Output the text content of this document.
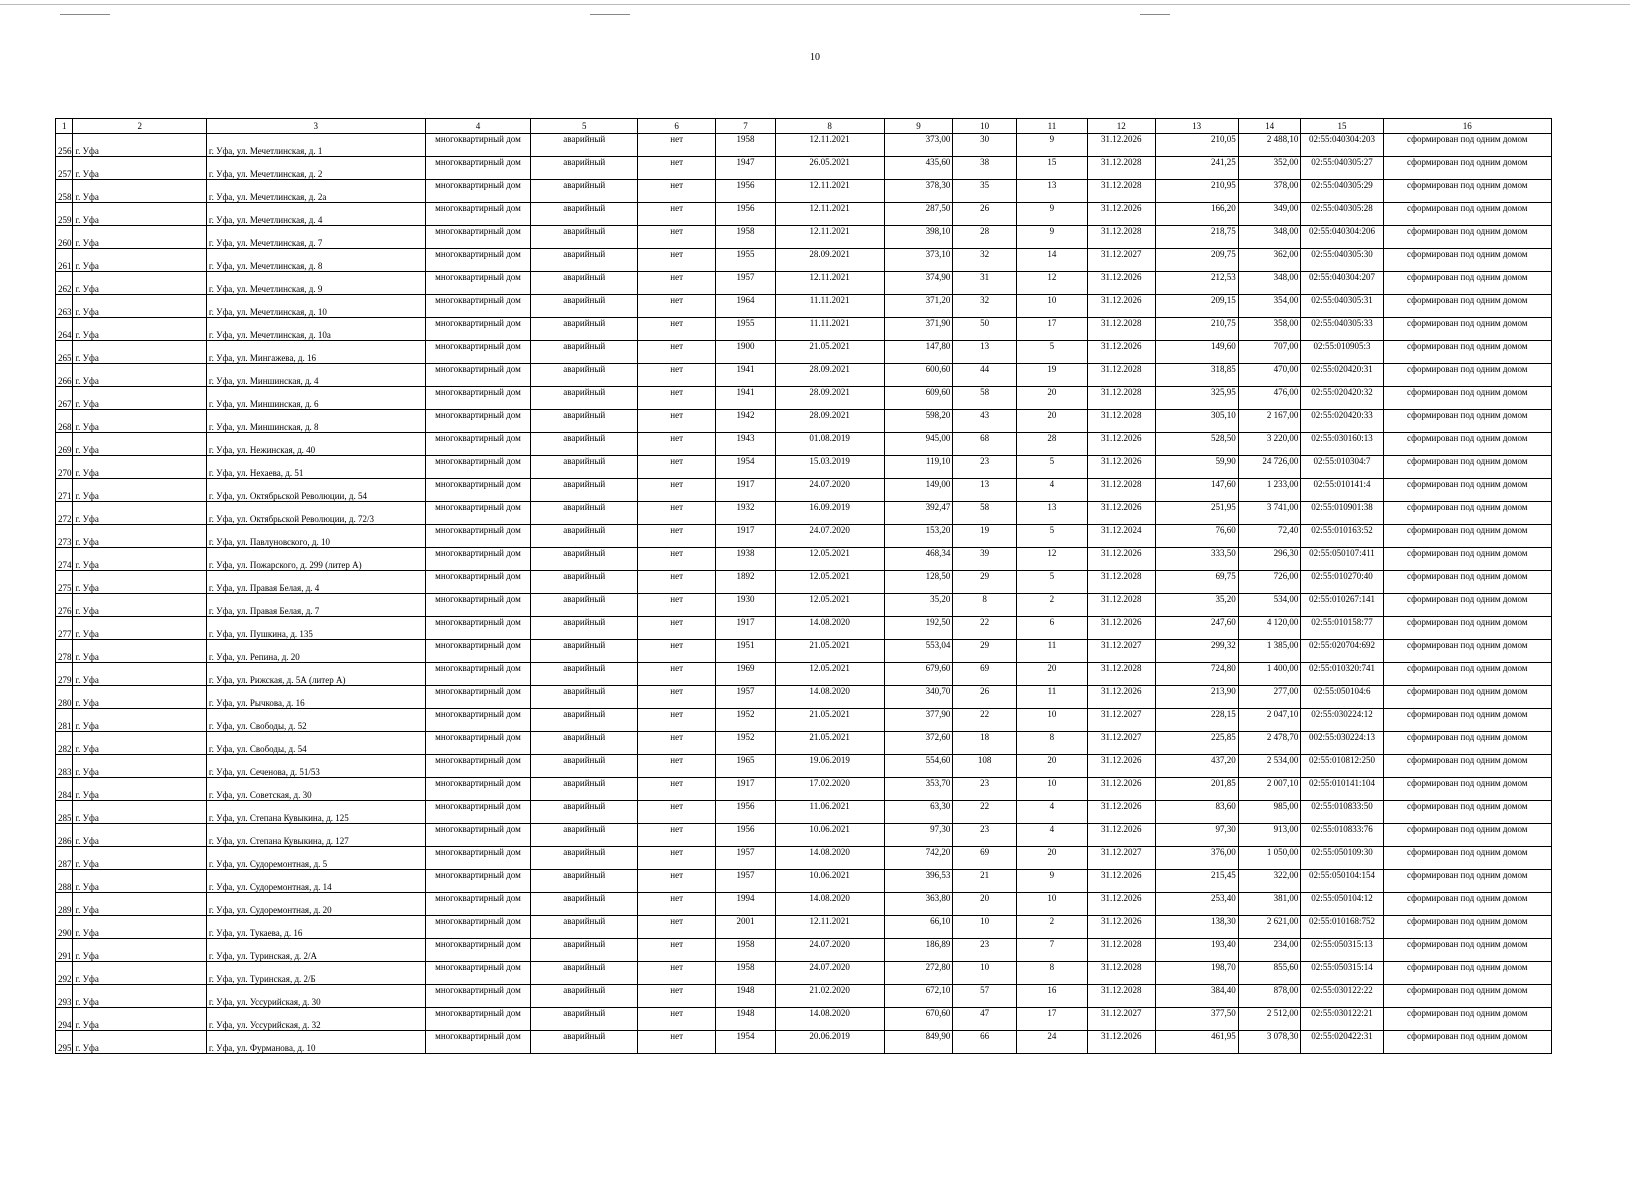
10
1	2	3	4	5	6	7	8	9	10	11	12	13	14	15	16
256	г. Уфа	г. Уфа, ул. Мечетлинская, д. 1	многоквартирный дом	аварийный	нет	1958	12.11.2021	373,00	30	9	31.12.2026	210,05	2 488,10	02:55:040304:203	сформирован под одним домом
257	г. Уфа	г. Уфа, ул. Мечетлинская, д. 2	многоквартирный дом	аварийный	нет	1947	26.05.2021	435,60	38	15	31.12.2028	241,25	352,00	02:55:040305:27	сформирован под одним домом
258	г. Уфа	г. Уфа, ул. Мечетлинская, д. 2а	многоквартирный дом	аварийный	нет	1956	12.11.2021	378,30	35	13	31.12.2028	210,95	378,00	02:55:040305:29	сформирован под одним домом
259	г. Уфа	г. Уфа, ул. Мечетлинская, д. 4	многоквартирный дом	аварийный	нет	1956	12.11.2021	287,50	26	9	31.12.2026	166,20	349,00	02:55:040305:28	сформирован под одним домом
260	г. Уфа	г. Уфа, ул. Мечетлинская, д. 7	многоквартирный дом	аварийный	нет	1958	12.11.2021	398,10	28	9	31.12.2028	218,75	348,00	02:55:040304:206	сформирован под одним домом
261	г. Уфа	г. Уфа, ул. Мечетлинская, д. 8	многоквартирный дом	аварийный	нет	1955	28.09.2021	373,10	32	14	31.12.2027	209,75	362,00	02:55:040305:30	сформирован под одним домом
262	г. Уфа	г. Уфа, ул. Мечетлинская, д. 9	многоквартирный дом	аварийный	нет	1957	12.11.2021	374,90	31	12	31.12.2026	212,53	348,00	02:55:040304:207	сформирован под одним домом
263	г. Уфа	г. Уфа, ул. Мечетлинская, д. 10	многоквартирный дом	аварийный	нет	1964	11.11.2021	371,20	32	10	31.12.2026	209,15	354,00	02:55:040305:31	сформирован под одним домом
264	г. Уфа	г. Уфа, ул. Мечетлинская, д. 10а	многоквартирный дом	аварийный	нет	1955	11.11.2021	371,90	50	17	31.12.2028	210,75	358,00	02:55:040305:33	сформирован под одним домом
265	г. Уфа	г. Уфа, ул. Мингажева, д. 16	многоквартирный дом	аварийный	нет	1900	21.05.2021	147,80	13	5	31.12.2026	149,60	707,00	02:55:010905:3	сформирован под одним домом
266	г. Уфа	г. Уфа, ул. Миншинская, д. 4	многоквартирный дом	аварийный	нет	1941	28.09.2021	600,60	44	19	31.12.2028	318,85	470,00	02:55:020420:31	сформирован под одним домом
267	г. Уфа	г. Уфа, ул. Миншинская, д. 6	многоквартирный дом	аварийный	нет	1941	28.09.2021	609,60	58	20	31.12.2028	325,95	476,00	02:55:020420:32	сформирован под одним домом
268	г. Уфа	г. Уфа, ул. Миншинская, д. 8	многоквартирный дом	аварийный	нет	1942	28.09.2021	598,20	43	20	31.12.2028	305,10	2 167,00	02:55:020420:33	сформирован под одним домом
269	г. Уфа	г. Уфа, ул. Нежинская, д. 40	многоквартирный дом	аварийный	нет	1943	01.08.2019	945,00	68	28	31.12.2026	528,50	3 220,00	02:55:030160:13	сформирован под одним домом
270	г. Уфа	г. Уфа, ул. Нехаева, д. 51	многоквартирный дом	аварийный	нет	1954	15.03.2019	119,10	23	5	31.12.2026	59,90	24 726,00	02:55:010304:7	сформирован под одним домом
271	г. Уфа	г. Уфа, ул. Октябрьской Революции, д. 54	многоквартирный дом	аварийный	нет	1917	24.07.2020	149,00	13	4	31.12.2028	147,60	1 233,00	02:55:010141:4	сформирован под одним домом
272	г. Уфа	г. Уфа, ул. Октябрьской Революции, д. 72/3	многоквартирный дом	аварийный	нет	1932	16.09.2019	392,47	58	13	31.12.2026	251,95	3 741,00	02:55:010901:38	сформирован под одним домом
273	г. Уфа	г. Уфа, ул. Павлуновского, д. 10	многоквартирный дом	аварийный	нет	1917	24.07.2020	153,20	19	5	31.12.2024	76,60	72,40	02:55:010163:52	сформирован под одним домом
274	г. Уфа	г. Уфа, ул. Пожарского, д. 299 (литер А)	многоквартирный дом	аварийный	нет	1938	12.05.2021	468,34	39	12	31.12.2026	333,50	296,30	02:55:050107:411	сформирован под одним домом
275	г. Уфа	г. Уфа, ул. Правая Белая, д. 4	многоквартирный дом	аварийный	нет	1892	12.05.2021	128,50	29	5	31.12.2028	69,75	726,00	02:55:010270:40	сформирован под одним домом
276	г. Уфа	г. Уфа, ул. Правая Белая, д. 7	многоквартирный дом	аварийный	нет	1930	12.05.2021	35,20	8	2	31.12.2028	35,20	534,00	02:55:010267:141	сформирован под одним домом
277	г. Уфа	г. Уфа, ул. Пушкина, д. 135	многоквартирный дом	аварийный	нет	1917	14.08.2020	192,50	22	6	31.12.2026	247,60	4 120,00	02:55:010158:77	сформирован под одним домом
278	г. Уфа	г. Уфа, ул. Репина, д. 20	многоквартирный дом	аварийный	нет	1951	21.05.2021	553,04	29	11	31.12.2027	299,32	1 385,00	02:55:020704:692	сформирован под одним домом
279	г. Уфа	г. Уфа, ул. Рижская, д. 5А (литер А)	многоквартирный дом	аварийный	нет	1969	12.05.2021	679,60	69	20	31.12.2028	724,80	1 400,00	02:55:010320:741	сформирован под одним домом
280	г. Уфа	г. Уфа, ул. Рычкова, д. 16	многоквартирный дом	аварийный	нет	1957	14.08.2020	340,70	26	11	31.12.2026	213,90	277,00	02:55:050104:6	сформирован под одним домом
281	г. Уфа	г. Уфа, ул. Свободы, д. 52	многоквартирный дом	аварийный	нет	1952	21.05.2021	377,90	22	10	31.12.2027	228,15	2 047,10	02:55:030224:12	сформирован под одним домом
282	г. Уфа	г. Уфа, ул. Свободы, д. 54	многоквартирный дом	аварийный	нет	1952	21.05.2021	372,60	18	8	31.12.2027	225,85	2 478,70	002:55:030224:13	сформирован под одним домом
283	г. Уфа	г. Уфа, ул. Сеченова, д. 51/53	многоквартирный дом	аварийный	нет	1965	19.06.2019	554,60	108	20	31.12.2026	437,20	2 534,00	02:55:010812:250	сформирован под одним домом
284	г. Уфа	г. Уфа, ул. Советская, д. 30	многоквартирный дом	аварийный	нет	1917	17.02.2020	353,70	23	10	31.12.2026	201,85	2 007,10	02:55:010141:104	сформирован под одним домом
285	г. Уфа	г. Уфа, ул. Степана Кувыкина, д. 125	многоквартирный дом	аварийный	нет	1956	11.06.2021	63,30	22	4	31.12.2026	83,60	985,00	02:55:010833:50	сформирован под одним домом
286	г. Уфа	г. Уфа, ул. Степана Кувыкина, д. 127	многоквартирный дом	аварийный	нет	1956	10.06.2021	97,30	23	4	31.12.2026	97,30	913,00	02:55:010833:76	сформирован под одним домом
287	г. Уфа	г. Уфа, ул. Судоремонтная, д. 5	многоквартирный дом	аварийный	нет	1957	14.08.2020	742,20	69	20	31.12.2027	376,00	1 050,00	02:55:050109:30	сформирован под одним домом
288	г. Уфа	г. Уфа, ул. Судоремонтная, д. 14	многоквартирный дом	аварийный	нет	1957	10.06.2021	396,53	21	9	31.12.2026	215,45	322,00	02:55:050104:154	сформирован под одним домом
289	г. Уфа	г. Уфа, ул. Судоремонтная, д. 20	многоквартирный дом	аварийный	нет	1994	14.08.2020	363,80	20	10	31.12.2026	253,40	381,00	02:55:050104:12	сформирован под одним домом
290	г. Уфа	г. Уфа, ул. Тукаева, д. 16	многоквартирный дом	аварийный	нет	2001	12.11.2021	66,10	10	2	31.12.2026	138,30	2 621,00	02:55:010168:752	сформирован под одним домом
291	г. Уфа	г. Уфа, ул. Туринская, д. 2/А	многоквартирный дом	аварийный	нет	1958	24.07.2020	186,89	23	7	31.12.2028	193,40	234,00	02:55:050315:13	сформирован под одним домом
292	г. Уфа	г. Уфа, ул. Туринская, д. 2/Б	многоквартирный дом	аварийный	нет	1958	24.07.2020	272,80	10	8	31.12.2028	198,70	855,60	02:55:050315:14	сформирован под одним домом
293	г. Уфа	г. Уфа, ул. Уссурийская, д. 30	многоквартирный дом	аварийный	нет	1948	21.02.2020	672,10	57	16	31.12.2028	384,40	878,00	02:55:030122:22	сформирован под одним домом
294	г. Уфа	г. Уфа, ул. Уссурийская, д. 32	многоквартирный дом	аварийный	нет	1948	14.08.2020	670,60	47	17	31.12.2027	377,50	2 512,00	02:55:030122:21	сформирован под одним домом
295	г. Уфа	г. Уфа, ул. Фурманова, д. 10	многоквартирный дом	аварийный	нет	1954	20.06.2019	849,90	66	24	31.12.2026	461,95	3 078,30	02:55:020422:31	сформирован под одним домом
